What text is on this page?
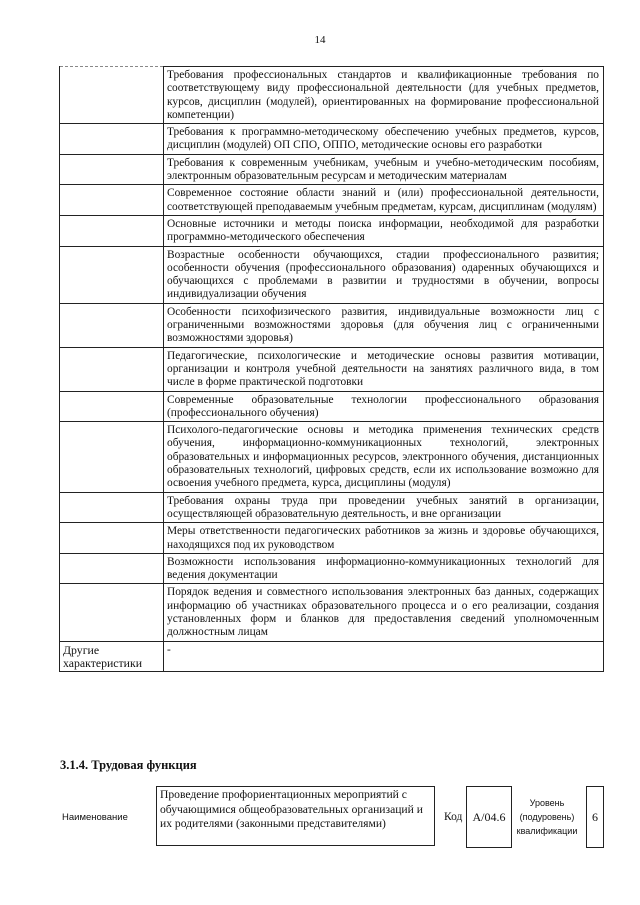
14
	Требования профессиональных стандартов и квалификационные требования по соответствующему виду профессиональной деятельности (для учебных предметов, курсов, дисциплин (модулей), ориентированных на формирование профессиональной компетенции)
	Требования к программно-методическому обеспечению учебных предметов, курсов, дисциплин (модулей) ОП СПО, ОППО, методические основы его разработки
	Требования к современным учебникам, учебным и учебно-методическим пособиям, электронным образовательным ресурсам и методическим материалам
	Современное состояние области знаний и (или) профессиональной деятельности, соответствующей преподаваемым учебным предметам, курсам, дисциплинам (модулям)
	Основные источники и методы поиска информации, необходимой для разработки программно-методического обеспечения
	Возрастные особенности обучающихся, стадии профессионального развития; особенности обучения (профессионального образования) одаренных обучающихся и обучающихся с проблемами в развитии и трудностями в обучении, вопросы индивидуализации обучения
	Особенности психофизического развития, индивидуальные возможности лиц с ограниченными возможностями здоровья (для обучения лиц с ограниченными возможностями здоровья)
	Педагогические, психологические и методические основы развития мотивации, организации и контроля учебной деятельности на занятиях различного вида, в том числе в форме практической подготовки
	Современные образовательные технологии профессионального образования (профессионального обучения)
	Психолого-педагогические основы и методика применения технических средств обучения, информационно-коммуникационных технологий, электронных образовательных и информационных ресурсов, электронного обучения, дистанционных образовательных технологий, цифровых средств, если их использование возможно для освоения учебного предмета, курса, дисциплины (модуля)
	Требования охраны труда при проведении учебных занятий в организации, осуществляющей образовательную деятельность, и вне организации
	Меры ответственности педагогических работников за жизнь и здоровье обучающихся, находящихся под их руководством
	Возможности использования информационно-коммуникационных технологий для ведения документации
	Порядок ведения и совместного использования электронных баз данных, содержащих информацию об участниках образовательного процесса и о его реализации, создания установленных форм и бланков для предоставления сведений уполномоченным должностным лицам
Другие характеристики	-
3.1.4. Трудовая функция
Наименование
Проведение профориентационных мероприятий с обучающимися общеобразовательных организаций и их родителями (законными представителями)	Код А/04.6
Уровень (подуровень) квалификации
6
